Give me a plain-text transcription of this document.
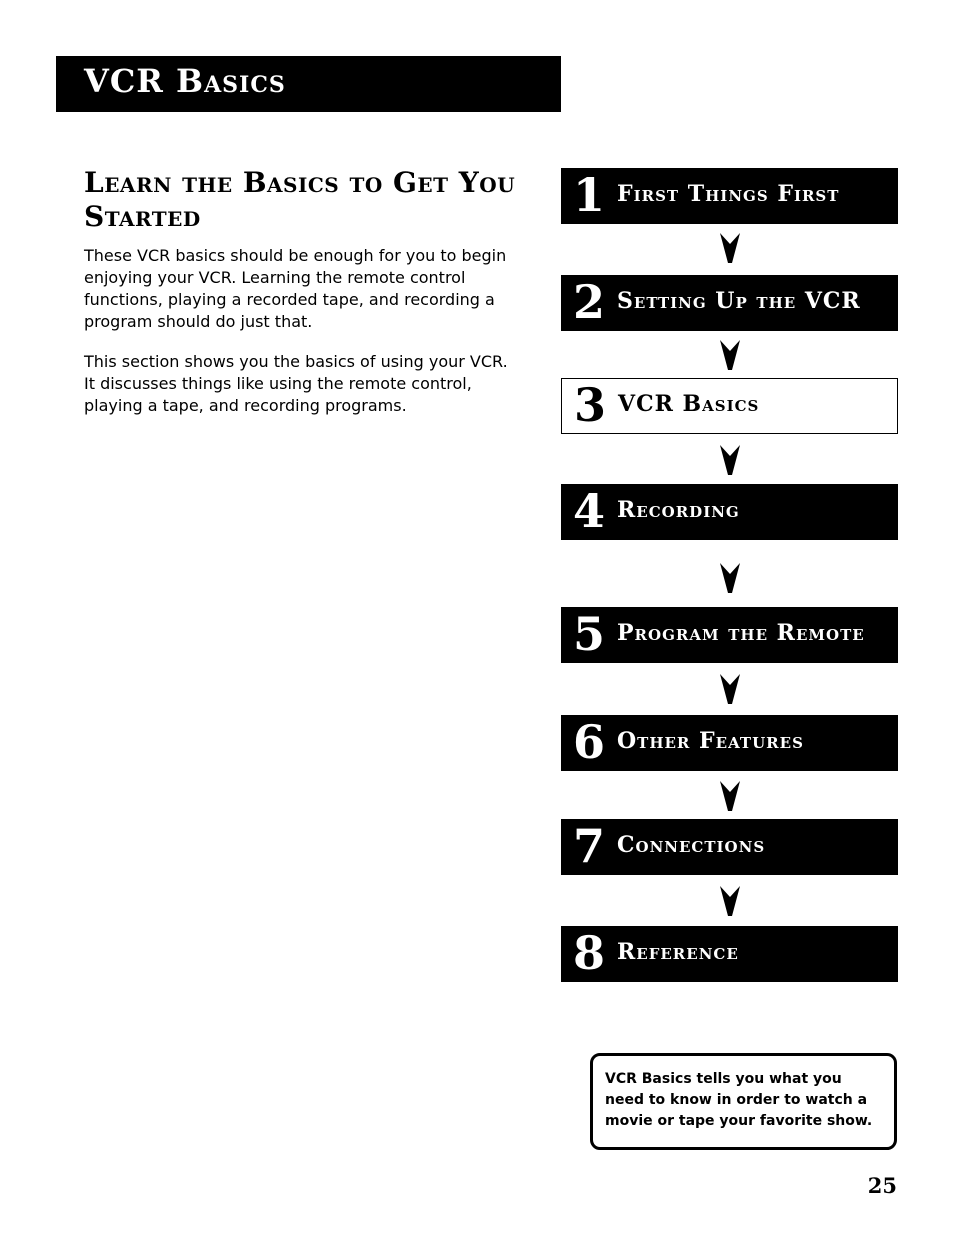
VCR Basics
Learn the Basics to Get You Started

These VCR basics should be enough for you to begin enjoying your VCR. Learning the remote control functions, playing a recorded tape, and recording a program should do just that.

This section shows you the basics of using your VCR. It discusses things like using the remote control, playing a tape, and recording programs.

1 First Things First
2 Setting Up the VCR
3 VCR Basics
4 Recording
5 Program the Remote
6 Other Features
7 Connections
8 Reference
VCR Basics tells you what you need to know in order to watch a movie or tape your favorite show.
25
